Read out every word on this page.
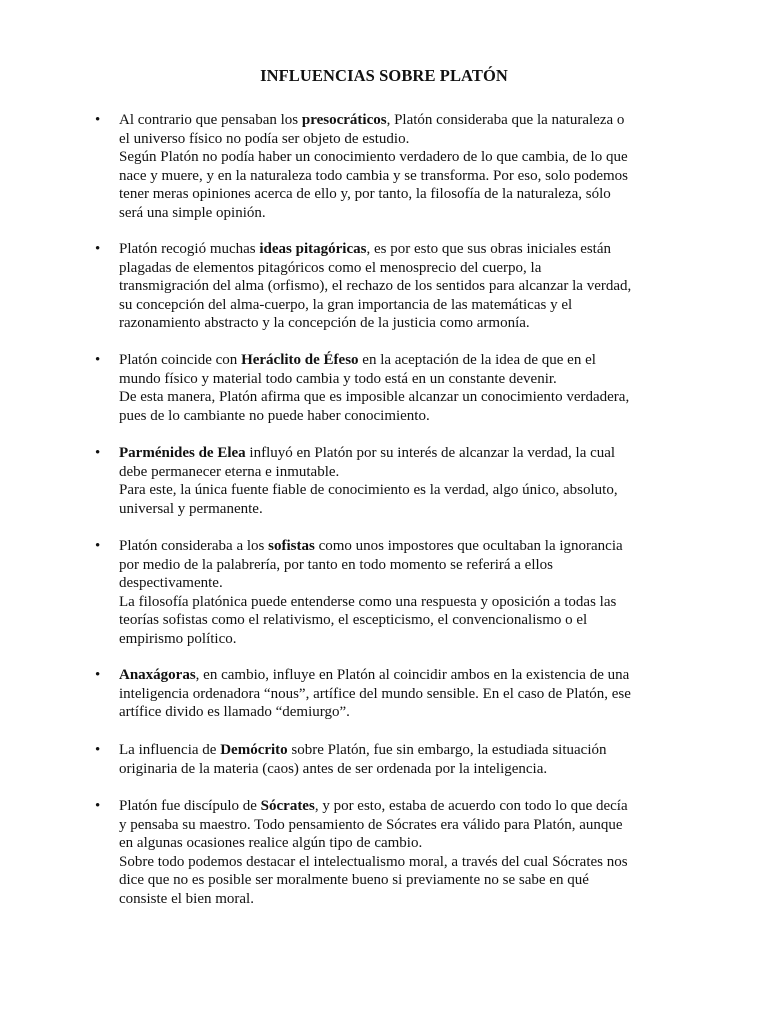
INFLUENCIAS SOBRE PLATÓN
• Al contrario que pensaban los presocráticos, Platón consideraba que la naturaleza o
el universo físico no podía ser objeto de estudio.
Según Platón no podía haber un conocimiento verdadero de lo que cambia, de lo que
nace y muere, y en la naturaleza todo cambia y se transforma. Por eso, solo podemos
tener meras opiniones acerca de ello y, por tanto, la filosofía de la naturaleza, sólo
será una simple opinión.
• Platón recogió muchas ideas pitagóricas, es por esto que sus obras iniciales están
plagadas de elementos pitagóricos como el menosprecio del cuerpo, la
transmigración del alma (orfismo), el rechazo de los sentidos para alcanzar la verdad,
su concepción del alma-cuerpo, la gran importancia de las matemáticas y el
razonamiento abstracto y la concepción de la justicia como armonía.
• Platón coincide con Heráclito de Éfeso en la aceptación de la idea de que en el
mundo físico y material todo cambia y todo está en un constante devenir.
De esta manera, Platón afirma que es imposible alcanzar un conocimiento verdadera,
pues de lo cambiante no puede haber conocimiento.
• Parménides de Elea influyó en Platón por su interés de alcanzar la verdad, la cual
debe permanecer eterna e inmutable.
Para este, la única fuente fiable de conocimiento es la verdad, algo único, absoluto,
universal y permanente.
• Platón consideraba a los sofistas como unos impostores que ocultaban la ignorancia
por medio de la palabrería, por tanto en todo momento se referirá a ellos
despectivamente.
La filosofía platónica puede entenderse como una respuesta y oposición a todas las
teorías sofistas como el relativismo, el escepticismo, el convencionalismo o el
empirismo político.
• Anaxágoras, en cambio, influye en Platón al coincidir ambos en la existencia de una
inteligencia ordenadora “nous”, artífice del mundo sensible. En el caso de Platón, ese
artífice divido es llamado “demiurgo”.
• La influencia de Demócrito sobre Platón, fue sin embargo, la estudiada situación
originaria de la materia (caos) antes de ser ordenada por la inteligencia.
• Platón fue discípulo de Sócrates, y por esto, estaba de acuerdo con todo lo que decía
y pensaba su maestro. Todo pensamiento de Sócrates era válido para Platón, aunque
en algunas ocasiones realice algún tipo de cambio.
Sobre todo podemos destacar el intelectualismo moral, a través del cual Sócrates nos
dice que no es posible ser moralmente bueno si previamente no se sabe en qué
consiste el bien moral.
